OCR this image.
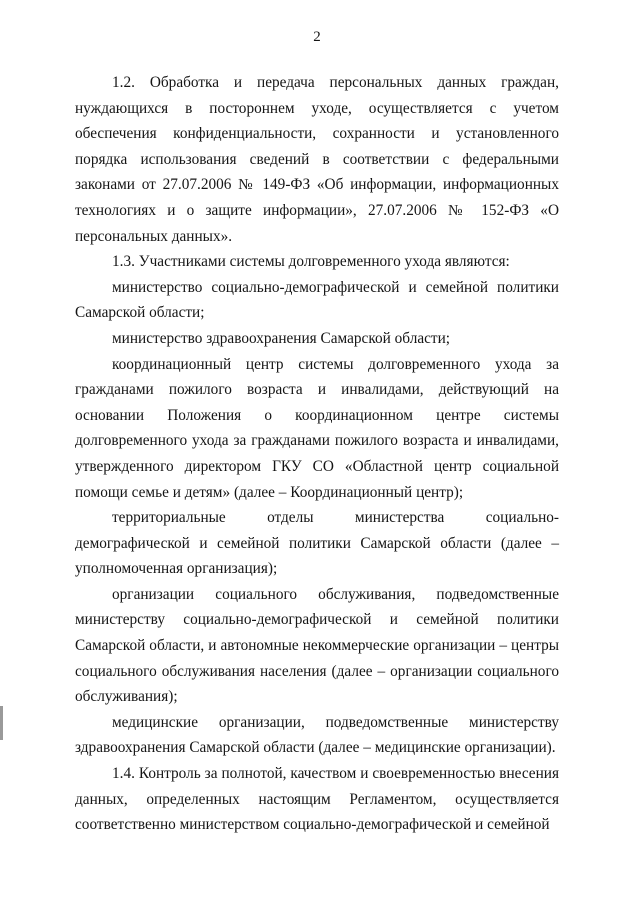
2

1.2. Обработка и передача персональных данных граждан, нуждающихся в постороннем уходе, осуществляется с учетом обеспечения конфиденциальности, сохранности и установленного порядка использования сведений в соответствии с федеральными законами от 27.07.2006 № 149-ФЗ «Об информации, информационных технологиях и о защите информации», 27.07.2006 № 152-ФЗ «О персональных данных».

1.3. Участниками системы долговременного ухода являются:

министерство социально-демографической и семейной политики Самарской области;

министерство здравоохранения Самарской области;

координационный центр системы долговременного ухода за гражданами пожилого возраста и инвалидами, действующий на основании Положения о координационном центре системы долговременного ухода за гражданами пожилого возраста и инвалидами, утвержденного директором ГКУ СО «Областной центр социальной помощи семье и детям» (далее – Координационный центр);

территориальные отделы министерства социально-демографической и семейной политики Самарской области (далее – уполномоченная организация);

организации социального обслуживания, подведомственные министерству социально-демографической и семейной политики Самарской области, и автономные некоммерческие организации – центры социального обслуживания населения (далее – организации социального обслуживания);

медицинские организации, подведомственные министерству здравоохранения Самарской области (далее – медицинские организации).

1.4. Контроль за полнотой, качеством и своевременностью внесения данных, определенных настоящим Регламентом, осуществляется соответственно министерством социально-демографической и семейной
